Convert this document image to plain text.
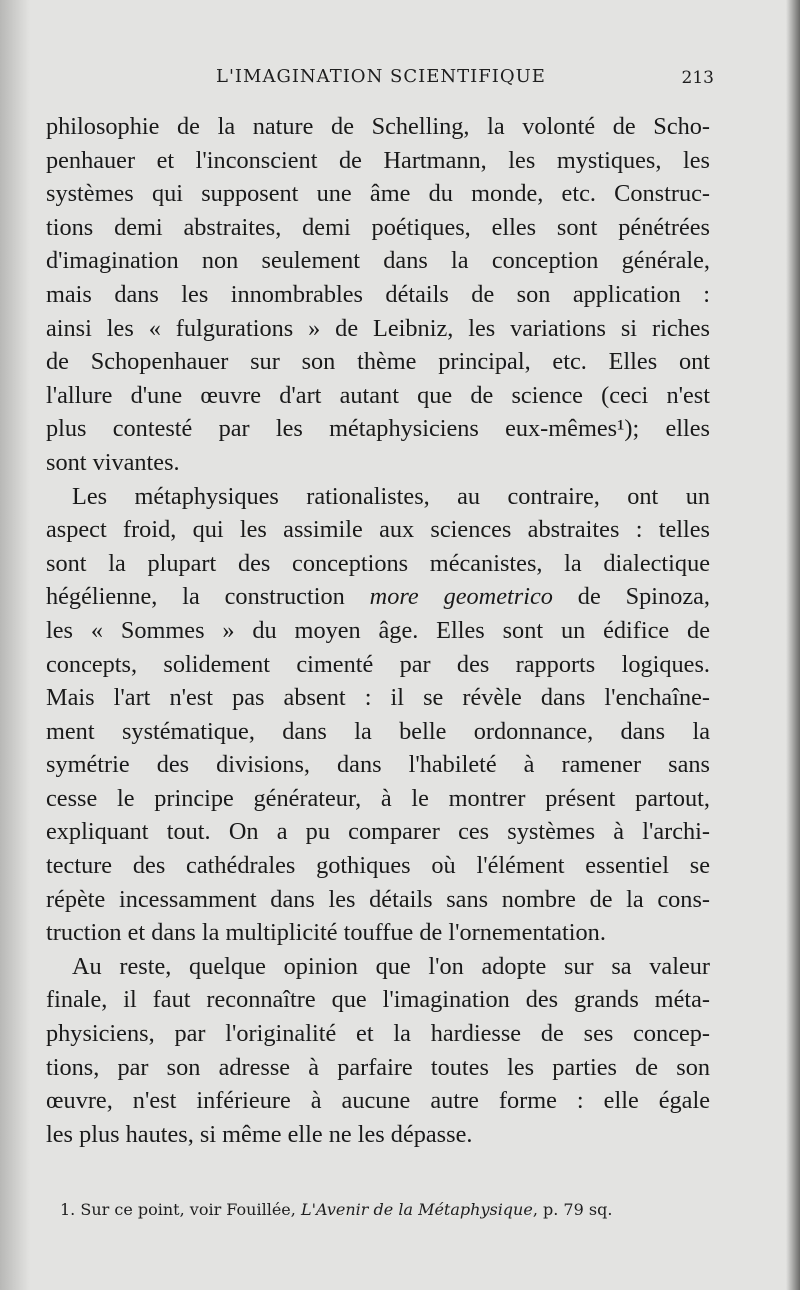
L'IMAGINATION SCIENTIFIQUE	213
philosophie de la nature de Schelling, la volonté de Scho-
penhauer et l'inconscient de Hartmann, les mystiques, les
systèmes qui supposent une âme du monde, etc. Construc-
tions demi abstraites, demi poétiques, elles sont pénétrées
d'imagination non seulement dans la conception générale,
mais dans les innombrables détails de son application :
ainsi les « fulgurations » de Leibniz, les variations si riches
de Schopenhauer sur son thème principal, etc. Elles ont
l'allure d'une œuvre d'art autant que de science (ceci n'est
plus contesté par les métaphysiciens eux-mêmes¹); elles
sont vivantes.
Les métaphysiques rationalistes, au contraire, ont un
aspect froid, qui les assimile aux sciences abstraites : telles
sont la plupart des conceptions mécanistes, la dialectique
hégélienne, la construction more geometrico de Spinoza,
les « Sommes » du moyen âge. Elles sont un édifice de
concepts, solidement cimenté par des rapports logiques.
Mais l'art n'est pas absent : il se révèle dans l'enchaîne-
ment systématique, dans la belle ordonnance, dans la
symétrie des divisions, dans l'habileté à ramener sans
cesse le principe générateur, à le montrer présent partout,
expliquant tout. On a pu comparer ces systèmes à l'archi-
tecture des cathédrales gothiques où l'élément essentiel se
répète incessamment dans les détails sans nombre de la cons-
truction et dans la multiplicité touffue de l'ornementation.
Au reste, quelque opinion que l'on adopte sur sa valeur
finale, il faut reconnaître que l'imagination des grands méta-
physiciens, par l'originalité et la hardiesse de ses concep-
tions, par son adresse à parfaire toutes les parties de son
œuvre, n'est inférieure à aucune autre forme : elle égale
les plus hautes, si même elle ne les dépasse.
1. Sur ce point, voir Fouillée, L'Avenir de la Métaphysique, p. 79 sq.
